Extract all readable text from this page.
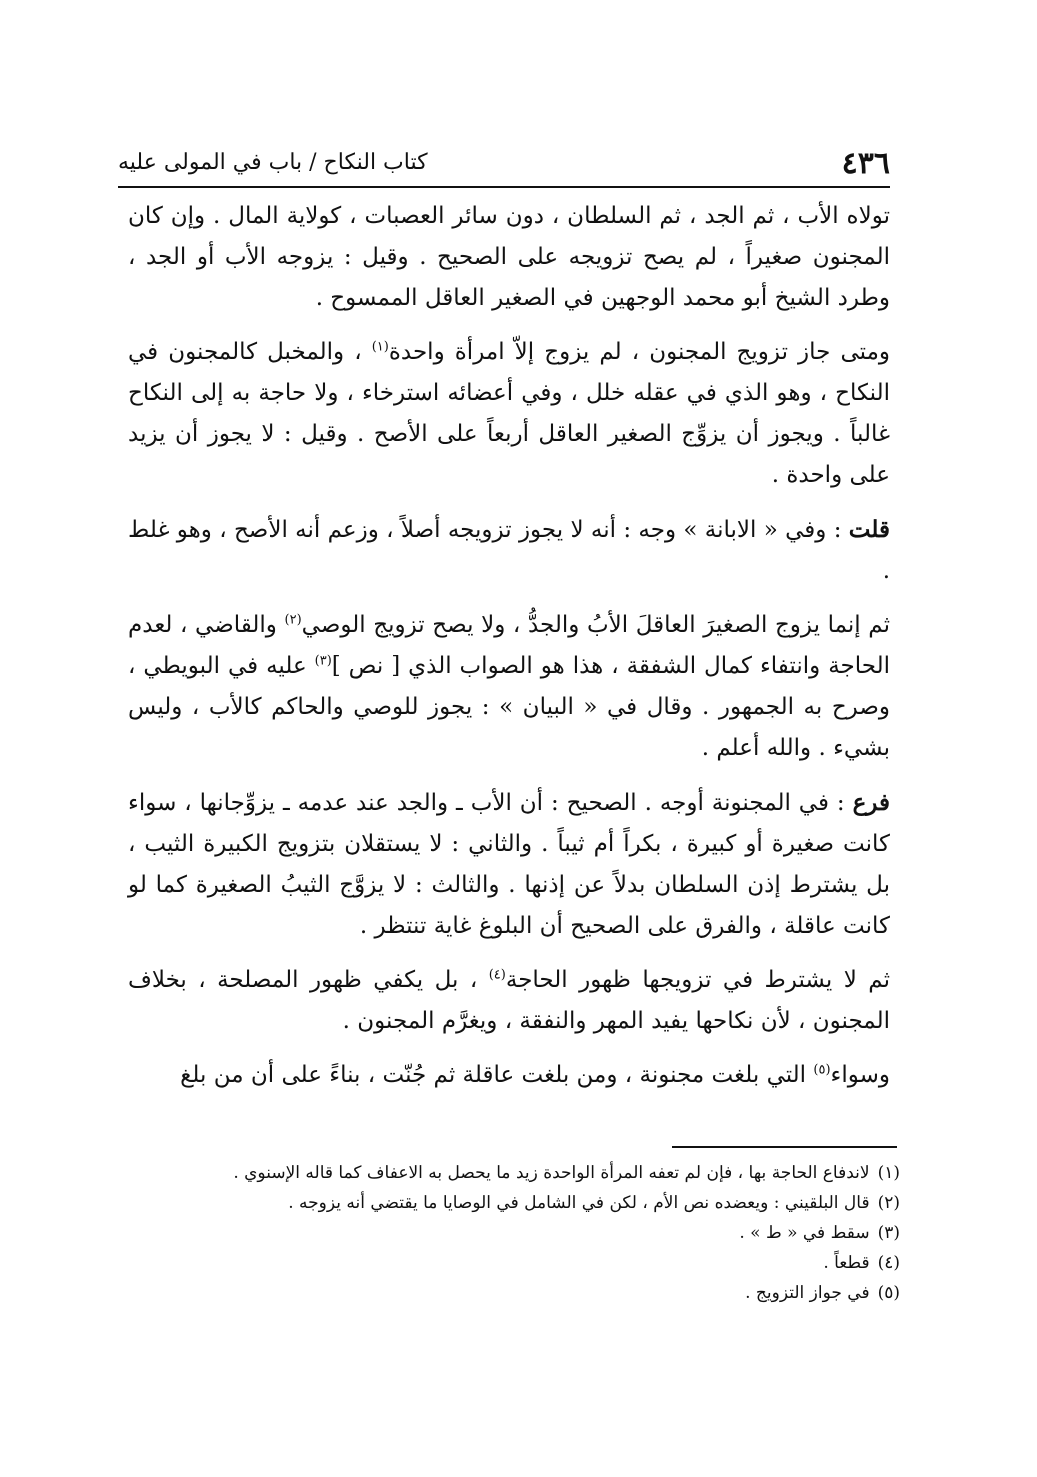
٤٣٦
كتاب النكاح / باب في المولى عليه

تولاه الأب ، ثم الجد ، ثم السلطان ، دون سائر العصبات ، كولاية المال . وإن كان المجنون صغيراً ، لم يصح تزويجه على الصحيح . وقيل : يزوجه الأب أو الجد ، وطرد الشيخ أبو محمد الوجهين في الصغير العاقل الممسوح .

ومتى جاز تزويج المجنون ، لم يزوج إلاّ امرأة واحدة$^{(١)}$ ، والمخبل كالمجنون في النكاح ، وهو الذي في عقله خلل ، وفي أعضائه استرخاء ، ولا حاجة به إلى النكاح غالباً . ويجوز أن يزوِّج الصغير العاقل أربعاً على الأصح . وقيل : لا يجوز أن يزيد على واحدة .

قلت : وفي « الابانة » وجه : أنه لا يجوز تزويجه أصلاً ، وزعم أنه الأصح ، وهو غلط .

ثم إنما يزوج الصغيرَ العاقلَ الأبُ والجدُّ ، ولا يصح تزويج الوصي$^{(٢)}$ والقاضي ، لعدم الحاجة وانتفاء كمال الشفقة ، هذا هو الصواب الذي [ نص ]$^{(٣)}$ عليه في البويطي ، وصرح به الجمهور . وقال في « البيان » : يجوز للوصي والحاكم كالأب ، وليس بشيء . والله أعلم .

فرع : في المجنونة أوجه . الصحيح : أن الأب ـ والجد عند عدمه ـ يزوِّجانها ، سواء كانت صغيرة أو كبيرة ، بكراً أم ثيباً . والثاني : لا يستقلان بتزويج الكبيرة الثيب ، بل يشترط إذن السلطان بدلاً عن إذنها . والثالث : لا يزوَّج الثيبُ الصغيرة كما لو كانت عاقلة ، والفرق على الصحيح أن البلوغ غاية تنتظر .

ثم لا يشترط في تزويجها ظهور الحاجة$^{(٤)}$ ، بل يكفي ظهور المصلحة ، بخلاف المجنون ، لأن نكاحها يفيد المهر والنفقة ، ويغرَّم المجنون .

وسواء$^{(٥)}$ التي بلغت مجنونة ، ومن بلغت عاقلة ثم جُنّت ، بناءً على أن من بلغ

(١)لاندفاع الحاجة بها ، فإن لم تعفه المرأة الواحدة زيد ما يحصل به الاعفاف كما قاله الإسنوي .
(٢)قال البلقيني : ويعضده نص الأم ، لكن في الشامل في الوصايا ما يقتضي أنه يزوجه .
(٣)سقط في « ط » .
(٤)قطعاً .
(٥)في جواز التزويج .
